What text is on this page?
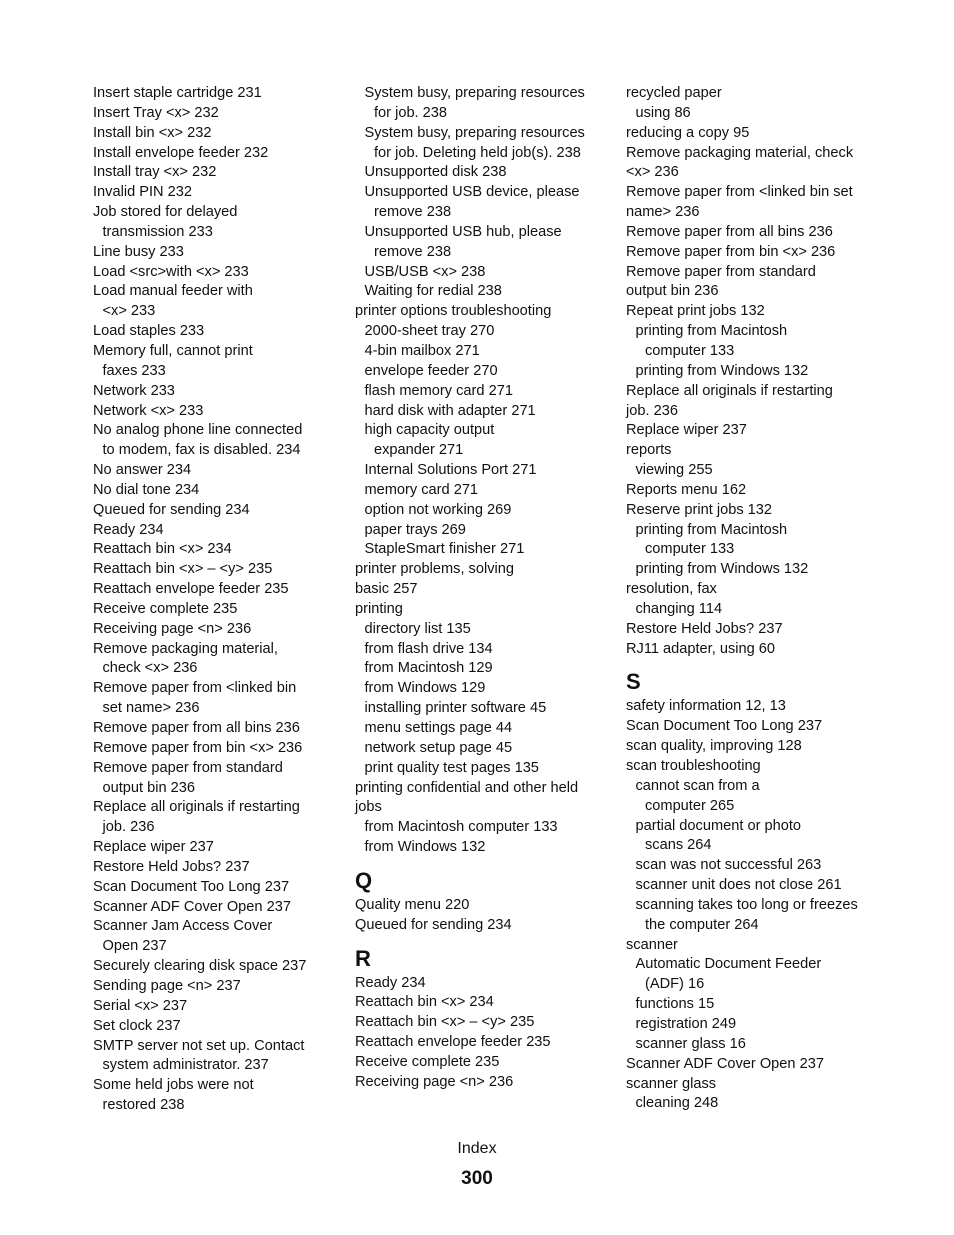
Insert staple cartridge 231
Insert Tray <x> 232
Install bin <x> 232
Install envelope feeder 232
Install tray <x> 232
Invalid PIN 232
Job stored for delayed
transmission 233
Line busy 233
Load <src>with <x> 233
Load manual feeder with
<x> 233
Load staples 233
Memory full, cannot print
faxes 233
Network 233
Network <x> 233
No analog phone line connected
to modem, fax is disabled. 234
No answer 234
No dial tone 234
Queued for sending 234
Ready 234
Reattach bin <x> 234
Reattach bin <x> – <y> 235
Reattach envelope feeder 235
Receive complete 235
Receiving page <n> 236
Remove packaging material,
check <x> 236
Remove paper from <linked bin
set name> 236
Remove paper from all bins 236
Remove paper from bin <x> 236
Remove paper from standard
output bin 236
Replace all originals if restarting
job. 236
Replace wiper 237
Restore Held Jobs? 237
Scan Document Too Long 237
Scanner ADF Cover Open 237
Scanner Jam Access Cover
Open 237
Securely clearing disk space 237
Sending page <n> 237
Serial <x> 237
Set clock 237
SMTP server not set up. Contact
system administrator. 237
Some held jobs were not
restored 238
System busy, preparing resources
for job. 238
System busy, preparing resources
for job. Deleting held job(s). 238
Unsupported disk 238
Unsupported USB device, please
remove 238
Unsupported USB hub, please
remove 238
USB/USB <x> 238
Waiting for redial 238
printer options troubleshooting
2000-sheet tray 270
4-bin mailbox 271
envelope feeder 270
flash memory card 271
hard disk with adapter 271
high capacity output
expander 271
Internal Solutions Port 271
memory card 271
option not working 269
paper trays 269
StapleSmart finisher 271
printer problems, solving
basic 257
printing
directory list 135
from flash drive 134
from Macintosh 129
from Windows 129
installing printer software 45
menu settings page 44
network setup page 45
print quality test pages 135
printing confidential and other held
jobs
from Macintosh computer 133
from Windows 132
Q
Quality menu 220
Queued for sending 234
R
Ready 234
Reattach bin <x> 234
Reattach bin <x> – <y> 235
Reattach envelope feeder 235
Receive complete 235
Receiving page <n> 236
recycled paper
using 86
reducing a copy 95
Remove packaging material, check
<x> 236
Remove paper from <linked bin set
name> 236
Remove paper from all bins 236
Remove paper from bin <x> 236
Remove paper from standard
output bin 236
Repeat print jobs 132
printing from Macintosh
computer 133
printing from Windows 132
Replace all originals if restarting
job. 236
Replace wiper 237
reports
viewing 255
Reports menu 162
Reserve print jobs 132
printing from Macintosh
computer 133
printing from Windows 132
resolution, fax
changing 114
Restore Held Jobs? 237
RJ11 adapter, using 60
S
safety information 12, 13
Scan Document Too Long 237
scan quality, improving 128
scan troubleshooting
cannot scan from a
computer 265
partial document or photo
scans 264
scan was not successful 263
scanner unit does not close 261
scanning takes too long or freezes
the computer 264
scanner
Automatic Document Feeder
(ADF) 16
functions 15
registration 249
scanner glass 16
Scanner ADF Cover Open 237
scanner glass
cleaning 248
Index
300
